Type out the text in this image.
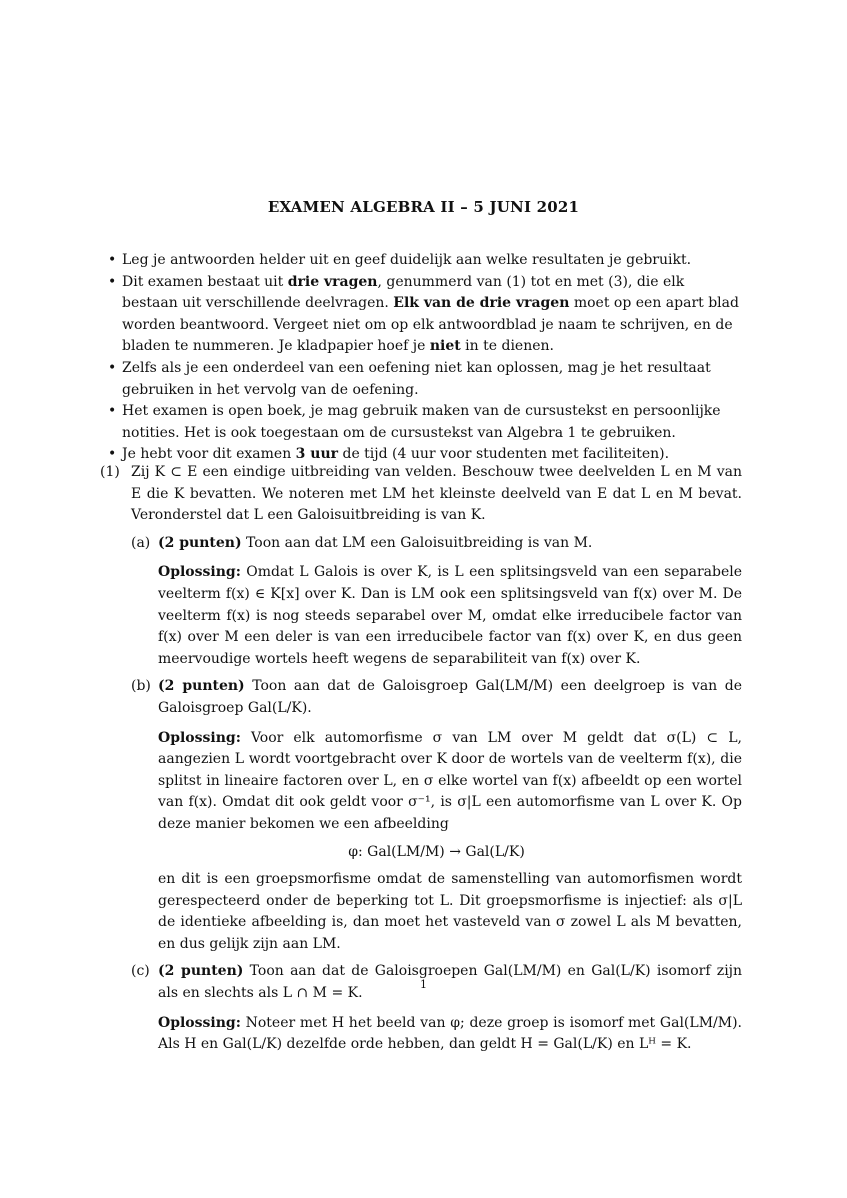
EXAMEN ALGEBRA II – 5 JUNI 2021
• Leg je antwoorden helder uit en geef duidelijk aan welke resultaten je gebruikt.
• Dit examen bestaat uit drie vragen, genummerd van (1) tot en met (3), die elk bestaan uit verschillende deelvragen. Elk van de drie vragen moet op een apart blad worden beantwoord. Vergeet niet om op elk antwoordblad je naam te schrijven, en de bladen te nummeren. Je kladpapier hoef je niet in te dienen.
• Zelfs als je een onderdeel van een oefening niet kan oplossen, mag je het resultaat gebruiken in het vervolg van de oefening.
• Het examen is open boek, je mag gebruik maken van de cursustekst en persoonlijke notities. Het is ook toegestaan om de cursustekst van Algebra 1 te gebruiken.
• Je hebt voor dit examen 3 uur de tijd (4 uur voor studenten met faciliteiten).
(1) Zij K ⊂ E een eindige uitbreiding van velden. Beschouw twee deelvelden L en M van E die K bevatten. We noteren met LM het kleinste deelveld van E dat L en M bevat. Veronderstel dat L een Galoisuitbreiding is van K.
(a) (2 punten) Toon aan dat LM een Galoisuitbreiding is van M.
Oplossing: Omdat L Galois is over K, is L een splitsingsveld van een separabele veelterm f(x) ∈ K[x] over K. Dan is LM ook een splitsingsveld van f(x) over M. De veelterm f(x) is nog steeds separabel over M, omdat elke irreducibele factor van f(x) over M een deler is van een irreducibele factor van f(x) over K, en dus geen meervoudige wortels heeft wegens de separabiliteit van f(x) over K.
(b) (2 punten) Toon aan dat de Galoisgroep Gal(LM/M) een deelgroep is van de Galoisgroep Gal(L/K).
Oplossing: Voor elk automorfisme σ van LM over M geldt dat σ(L) ⊂ L, aangezien L wordt voortgebracht over K door de wortels van de veelterm f(x), die splitst in lineaire factoren over L, en σ elke wortel van f(x) afbeeldt op een wortel van f(x). Omdat dit ook geldt voor σ⁻¹, is σ|L een automorfisme van L over K. Op deze manier bekomen we een afbeelding
φ: Gal(LM/M) → Gal(L/K)
en dit is een groepsmorfisme omdat de samenstelling van automorfismen wordt gerespecteerd onder de beperking tot L. Dit groepsmorfisme is injectief: als σ|L de identieke afbeelding is, dan moet het vasteveld van σ zowel L als M bevatten, en dus gelijk zijn aan LM.
(c) (2 punten) Toon aan dat de Galoisgroepen Gal(LM/M) en Gal(L/K) isomorf zijn als en slechts als L ∩ M = K.
Oplossing: Noteer met H het beeld van φ; deze groep is isomorf met Gal(LM/M). Als H en Gal(L/K) dezelfde orde hebben, dan geldt H = Gal(L/K) en Lᴴ = K.
1
